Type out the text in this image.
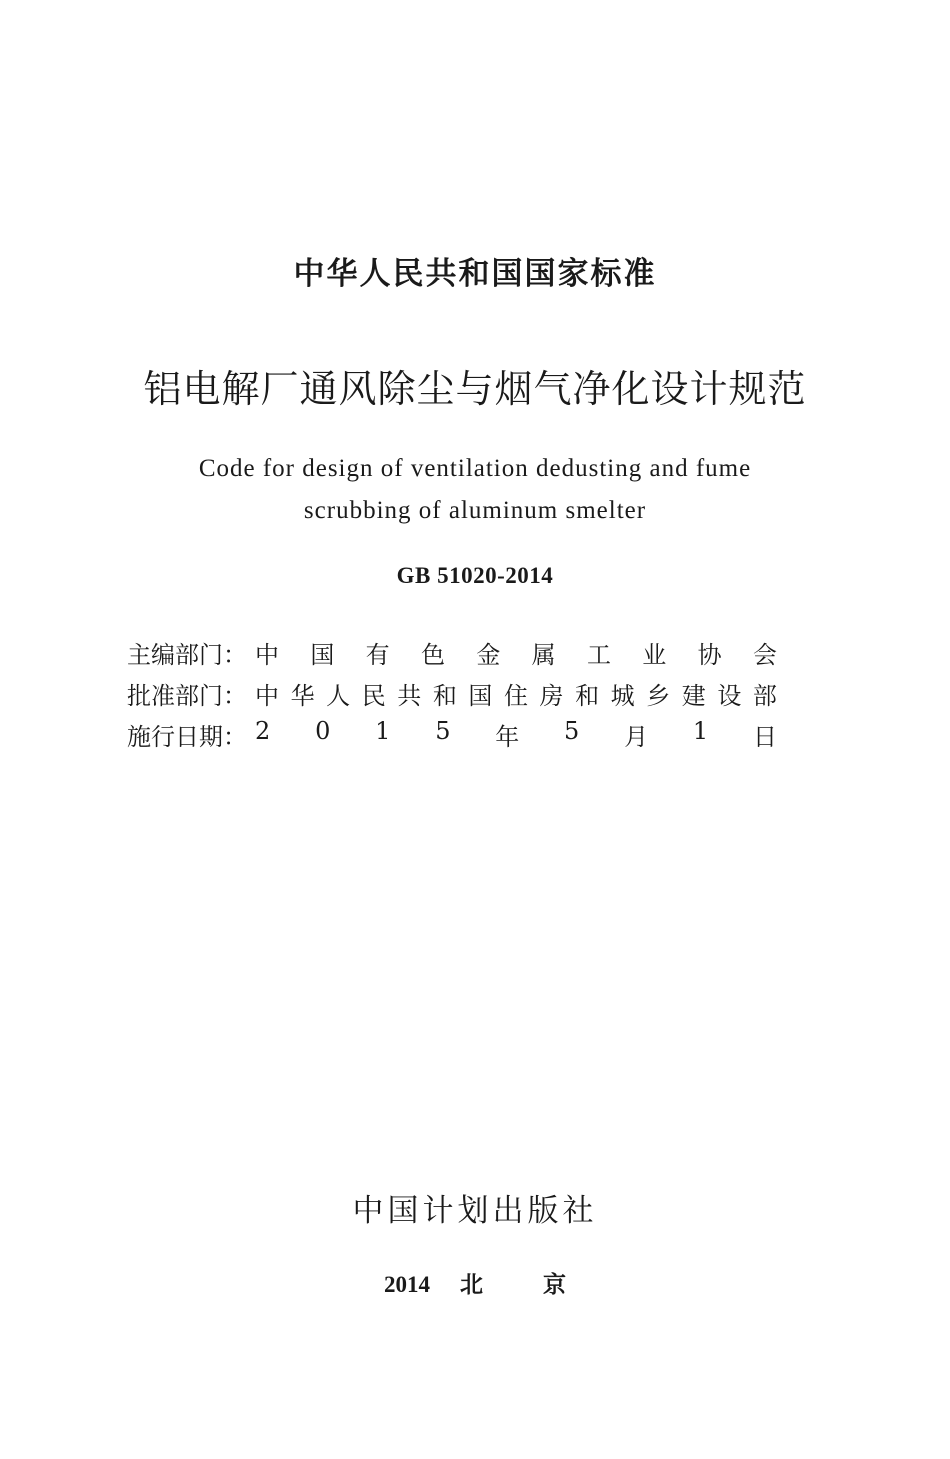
中华人民共和国国家标准
铝电解厂通风除尘与烟气净化设计规范
Code for design of ventilation dedusting and fume
scrubbing of aluminum smelter
GB 51020-2014
主编部门： 中 国 有 色 金 属 工 业 协 会
批准部门： 中 华 人 民 共 和 国 住 房 和 城 乡 建 设 部
施行日期： 2 0 1 5 年 5 月 1 日
中国计划出版社
2014 北	京
